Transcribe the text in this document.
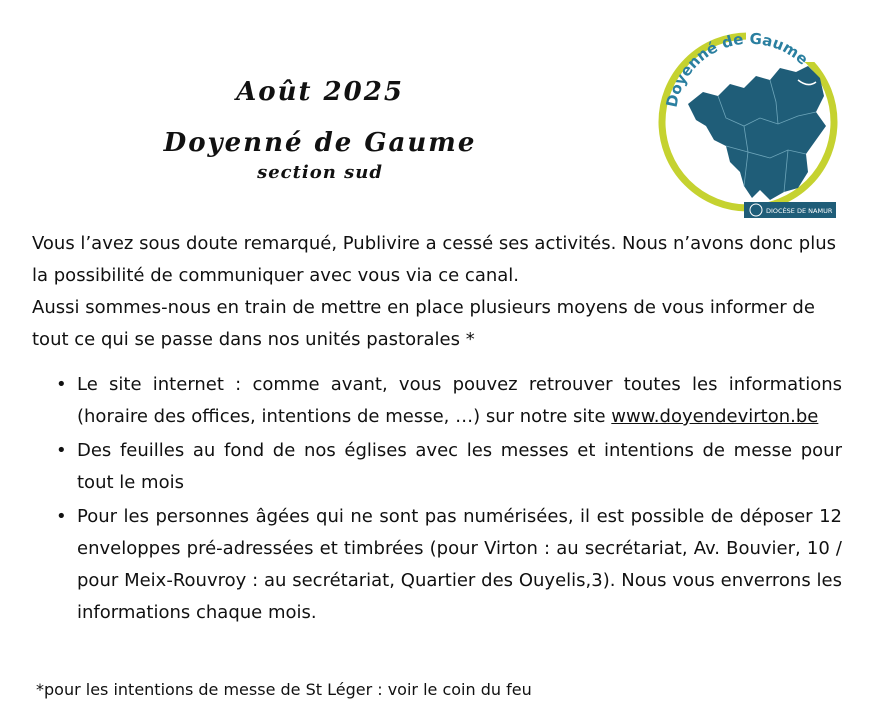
Août 2025
Doyenné de Gaume
section sud
Doyenné de Gaume
DIOCÈSE DE NAMUR

Vous l’avez sous doute remarqué, Publivire a cessé ses activités. Nous n’avons donc plus la possibilité de communiquer avec vous via ce canal.

Aussi sommes-nous en train de mettre en place plusieurs moyens de vous informer de tout ce qui se passe dans nos unités pastorales *

• Le site internet : comme avant, vous pouvez retrouver toutes les informations (horaire des offices, intentions de messe, …) sur notre site www.doyendevirton.be
• Des feuilles au fond de nos églises avec les messes et intentions de messe pour tout le mois
• Pour les personnes âgées qui ne sont pas numérisées, il est possible de déposer 12 enveloppes pré-adressées et timbrées (pour Virton : au secrétariat, Av. Bouvier, 10 / pour Meix-Rouvroy : au secrétariat, Quartier des Ouyelis,3). Nous vous enverrons les informations chaque mois.
*pour les intentions de messe de St Léger : voir le coin du feu
